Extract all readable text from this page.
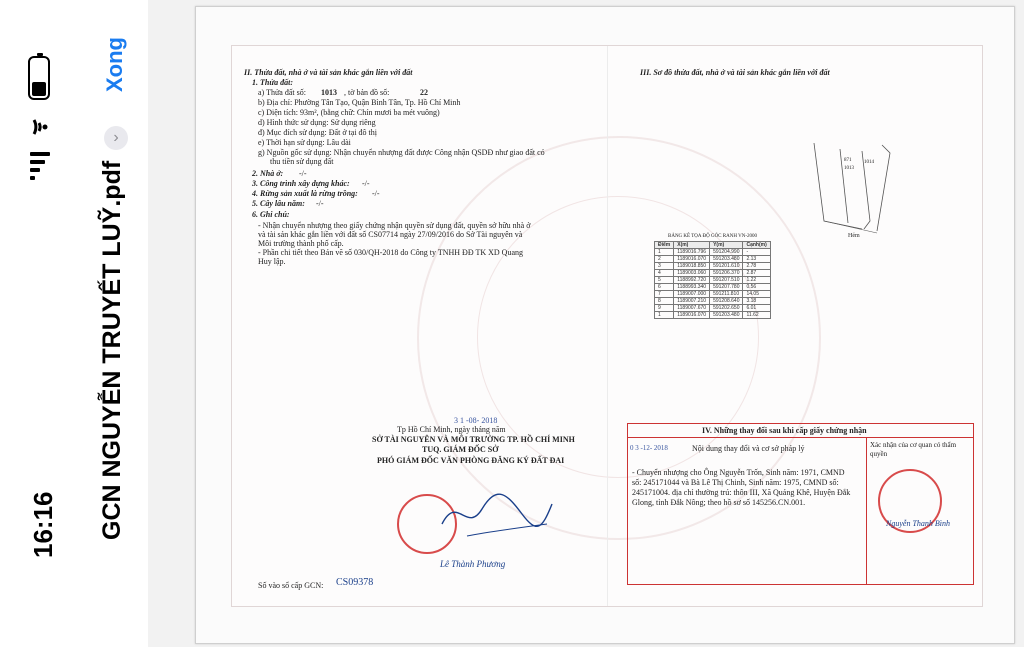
16:16 GCN NGUYỄN TRUYẾT LUỸ.pdf
Xong
›
II. Thửa đất, nhà ở và tài sản khác gắn liền với đất
1. Thửa đất:
a) Thửa đất số: 1013 , tờ bản đồ số:	22
b) Địa chỉ: Phường Tân Tạo, Quận Bình Tân, Tp. Hồ Chí Minh
c) Diện tích: 93m², (bằng chữ: Chín mươi ba mét vuông)
d) Hình thức sử dụng: Sử dụng riêng
đ) Mục đích sử dụng: Đất ở tại đô thị
e) Thời hạn sử dụng: Lâu dài
g) Nguồn gốc sử dụng: Nhận chuyển nhượng đất được Công nhận QSDĐ như giao đất có
thu tiền sử dụng đất
2. Nhà ở: -/-
3. Công trình xây dựng khác: -/-
4. Rừng sản xuất là rừng trồng: -/-
5. Cây lâu năm: -/-
6. Ghi chú:
- Nhận chuyển nhượng theo giấy chứng nhận quyền sử dụng đất, quyền sở hữu nhà ở
và tài sản khác gắn liền với đất số CS07714 ngày 27/09/2016 do Sở Tài nguyên và
Môi trường thành phố cấp.
- Phần chi tiết theo Bản vẽ số 030/QH-2018 do Công ty TNHH ĐĐ TK XD Quang
Huy lập.
Tp Hồ Chí Minh, ngày tháng năm
3 1 -08- 2018
SỞ TÀI NGUYÊN VÀ MÔI TRƯỜNG TP. HỒ CHÍ MINH
TUQ. GIÁM ĐỐC SỞ
PHÓ GIÁM ĐỐC VĂN PHÒNG ĐĂNG KÝ ĐẤT ĐAI
Lê Thành Phương
Số vào sổ cấp GCN: CS09378
III. Sơ đồ thửa đất, nhà ở và tài sản khác gắn liền với đất
1013
1014
871
Hẻm
BẢNG KÊ TỌA ĐỘ GÓC RANH VN-2000
Điểm	X(m)	Y(m)	Cạnh(m)
1	1189016.796	591204.990	-
2	1189016.070	591203.480	2.13
3	1189018.850	591201.610	2.78
4	1189003.060	591206.370	2.87
5	1188992.720	591207.510	1.22
6	1188993.340	591207.780	0.56
7	1189007.000	591211.810	14.05
8	1189007.210	591208.640	3.18
9	1189007.670	591202.650	6.01
1	1189016.070	591203.480	11.62
IV. Những thay đổi sau khi cấp giấy chứng nhận
0 3 -12- 2018	Nội dung thay đổi và cơ sở pháp lý	Xác nhận của cơ quan có thẩm quyền
- Chuyển nhượng cho Ông Nguyễn Trốn, Sinh năm: 1971, CMND
số: 245171044 và Bà Lê Thị Chinh, Sinh năm: 1975, CMND số:
245171004. địa chỉ thường trú: thôn III, Xã Quảng Khê, Huyện Đắk
Glong, tỉnh Đắk Nông; theo hồ sơ số 145256.CN.001.
Nguyễn Thanh Bình
